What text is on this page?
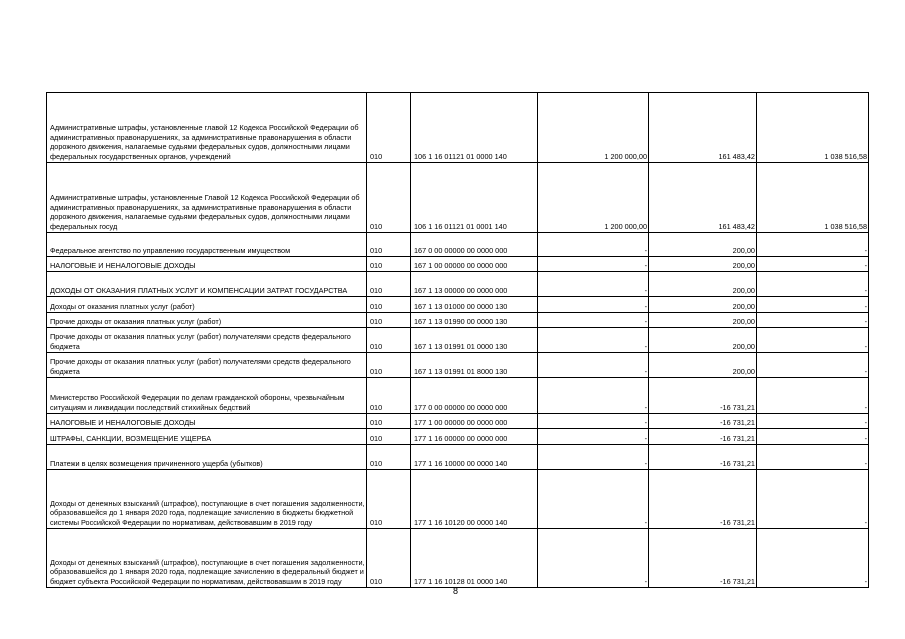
Административные штрафы, установленные главой 12 Кодекса Российской Федерации об административных правонарушениях, за административные правонарушения в области дорожного движения, налагаемые судьями федеральных судов, должностными лицами федеральных государственных органов, учреждений	010	106 1 16 01121 01 0000 140	1 200 000,00	161 483,42	1 038 516,58

Административные штрафы, установленные Главой 12 Кодекса Российской Федерации об административных правонарушениях, за административные правонарушения в области дорожного движения, налагаемые судьями федеральных судов, должностными лицами федеральных госуд	010	106 1 16 01121 01 0001 140	1 200 000,00	161 483,42	1 038 516,58

Федеральное агентство по управлению государственным имуществом	010	167 0 00 00000 00 0000 000	-	200,00	-

НАЛОГОВЫЕ И НЕНАЛОГОВЫЕ ДОХОДЫ	010	167 1 00 00000 00 0000 000	-	200,00	-

ДОХОДЫ ОТ ОКАЗАНИЯ ПЛАТНЫХ УСЛУГ И КОМПЕНСАЦИИ ЗАТРАТ ГОСУДАРСТВА	010	167 1 13 00000 00 0000 000	-	200,00	-

Доходы от оказания платных услуг (работ)	010	167 1 13 01000 00 0000 130	-	200,00	-

Прочие доходы от оказания платных услуг (работ)	010	167 1 13 01990 00 0000 130	-	200,00	-

Прочие доходы от оказания платных услуг (работ) получателями средств федерального бюджета	010	167 1 13 01991 01 0000 130	-	200,00	-

Прочие доходы от оказания платных услуг (работ) получателями средств федерального бюджета	010	167 1 13 01991 01 8000 130	-	200,00	-

Министерство Российской Федерации по делам гражданской обороны, чрезвычайным ситуациям и ликвидации последствий стихийных бедствий	010	177 0 00 00000 00 0000 000	-	-16 731,21	-

НАЛОГОВЫЕ И НЕНАЛОГОВЫЕ ДОХОДЫ	010	177 1 00 00000 00 0000 000	-	-16 731,21	-

ШТРАФЫ, САНКЦИИ, ВОЗМЕЩЕНИЕ УЩЕРБА	010	177 1 16 00000 00 0000 000	-	-16 731,21	-

Платежи в целях возмещения причиненного ущерба (убытков)	010	177 1 16 10000 00 0000 140	-	-16 731,21	-

Доходы от денежных взысканий (штрафов), поступающие в счет погашения задолженности, образовавшейся до 1 января 2020 года, подлежащие зачислению в бюджеты бюджетной системы Российской Федерации по нормативам, действовавшим в 2019 году	010	177 1 16 10120 00 0000 140	-	-16 731,21	-

Доходы от денежных взысканий (штрафов), поступающие в счет погашения задолженности, образовавшейся до 1 января 2020 года, подлежащие зачислению в федеральный бюджет и бюджет субъекта Российской Федерации по нормативам, действовавшим в 2019 году	010	177 1 16 10128 01 0000 140	-	-16 731,21	-
8
